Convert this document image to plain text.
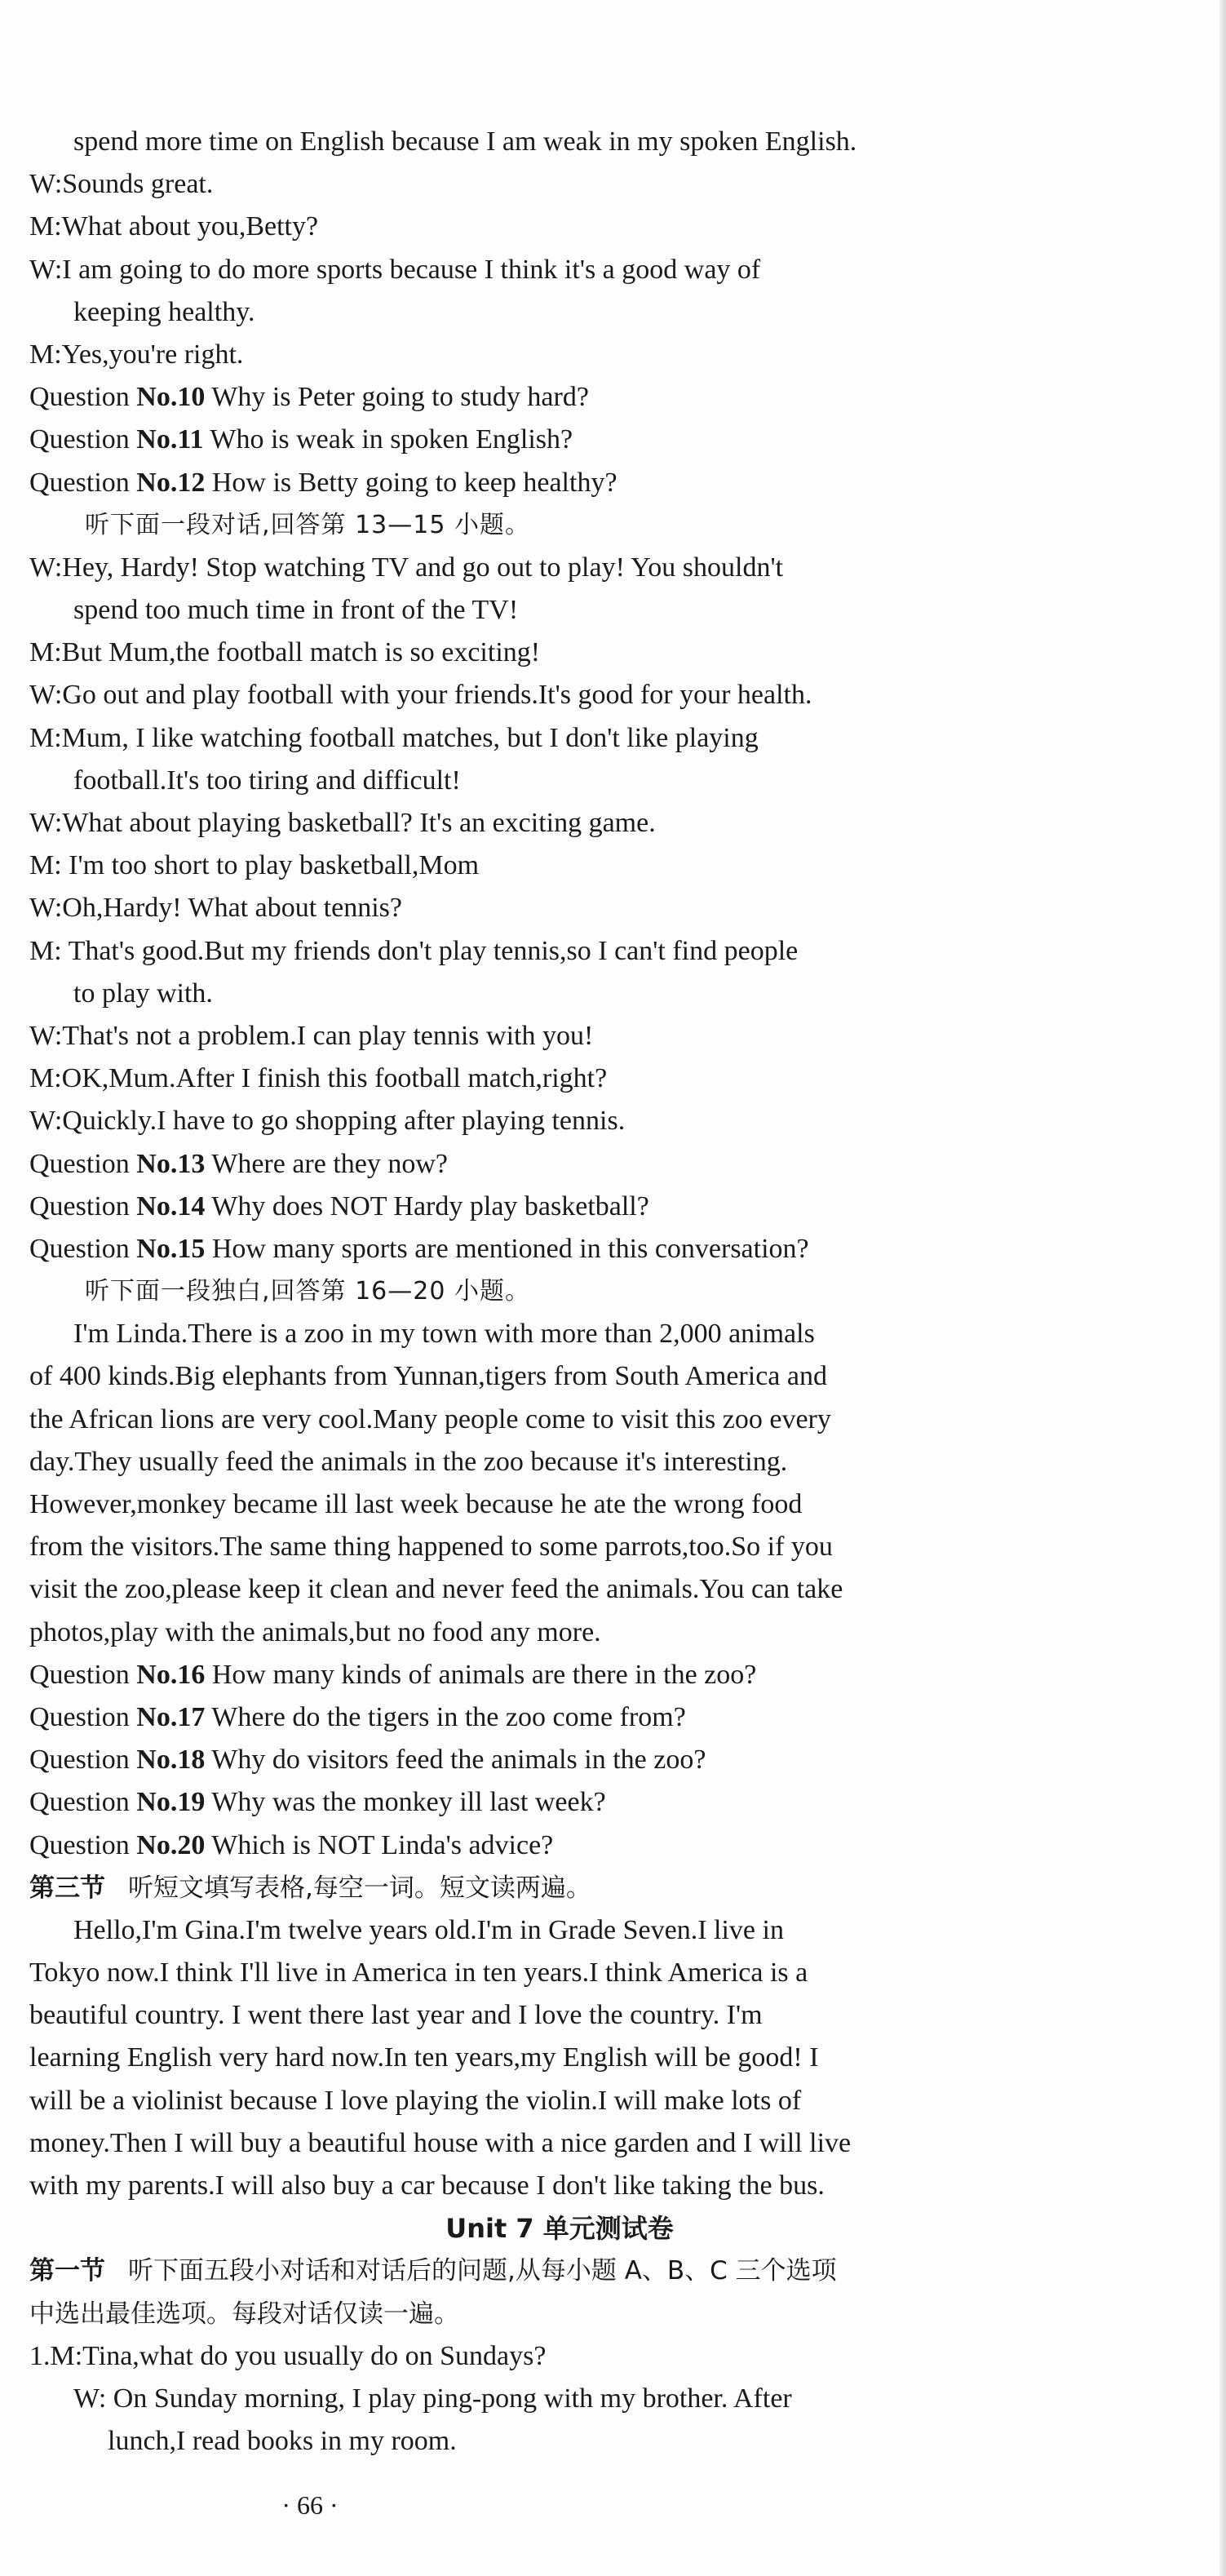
spend more time on English because I am weak in my spoken English.
W:Sounds great.
M:What about you,Betty?
W:I am going to do more sports because I think it's a good way of
keeping healthy.
M:Yes,you're right.
Question No.10 Why is Peter going to study hard?
Question No.11 Who is weak in spoken English?
Question No.12 How is Betty going to keep healthy?
听下面一段对话,回答第 13—15 小题。
W:Hey, Hardy! Stop watching TV and go out to play! You shouldn't
spend too much time in front of the TV!
M:But Mum,the football match is so exciting!
W:Go out and play football with your friends.It's good for your health.
M:Mum, I like watching football matches, but I don't like playing
football.It's too tiring and difficult!
W:What about playing basketball? It's an exciting game.
M: I'm too short to play basketball,Mom
W:Oh,Hardy! What about tennis?
M: That's good.But my friends don't play tennis,so I can't find people
to play with.
W:That's not a problem.I can play tennis with you!
M:OK,Mum.After I finish this football match,right?
W:Quickly.I have to go shopping after playing tennis.
Question No.13 Where are they now?
Question No.14 Why does NOT Hardy play basketball?
Question No.15 How many sports are mentioned in this conversation?
听下面一段独白,回答第 16—20 小题。
I'm Linda.There is a zoo in my town with more than 2,000 animals
of 400 kinds.Big elephants from Yunnan,tigers from South America and
the African lions are very cool.Many people come to visit this zoo every
day.They usually feed the animals in the zoo because it's interesting.
However,monkey became ill last week because he ate the wrong food
from the visitors.The same thing happened to some parrots,too.So if you
visit the zoo,please keep it clean and never feed the animals.You can take
photos,play with the animals,but no food any more.
Question No.16 How many kinds of animals are there in the zoo?
Question No.17 Where do the tigers in the zoo come from?
Question No.18 Why do visitors feed the animals in the zoo?
Question No.19 Why was the monkey ill last week?
Question No.20 Which is NOT Linda's advice?
第三节 听短文填写表格,每空一词。短文读两遍。
Hello,I'm Gina.I'm twelve years old.I'm in Grade Seven.I live in
Tokyo now.I think I'll live in America in ten years.I think America is a
beautiful country. I went there last year and I love the country. I'm
learning English very hard now.In ten years,my English will be good! I
will be a violinist because I love playing the violin.I will make lots of
money.Then I will buy a beautiful house with a nice garden and I will live
with my parents.I will also buy a car because I don't like taking the bus.
Unit 7 单元测试卷
第一节 听下面五段小对话和对话后的问题,从每小题 A、B、C 三个选项
中选出最佳选项。每段对话仅读一遍。
1.M:Tina,what do you usually do on Sundays?
W: On Sunday morning, I play ping-pong with my brother. After
lunch,I read books in my room.
· 66 ·
